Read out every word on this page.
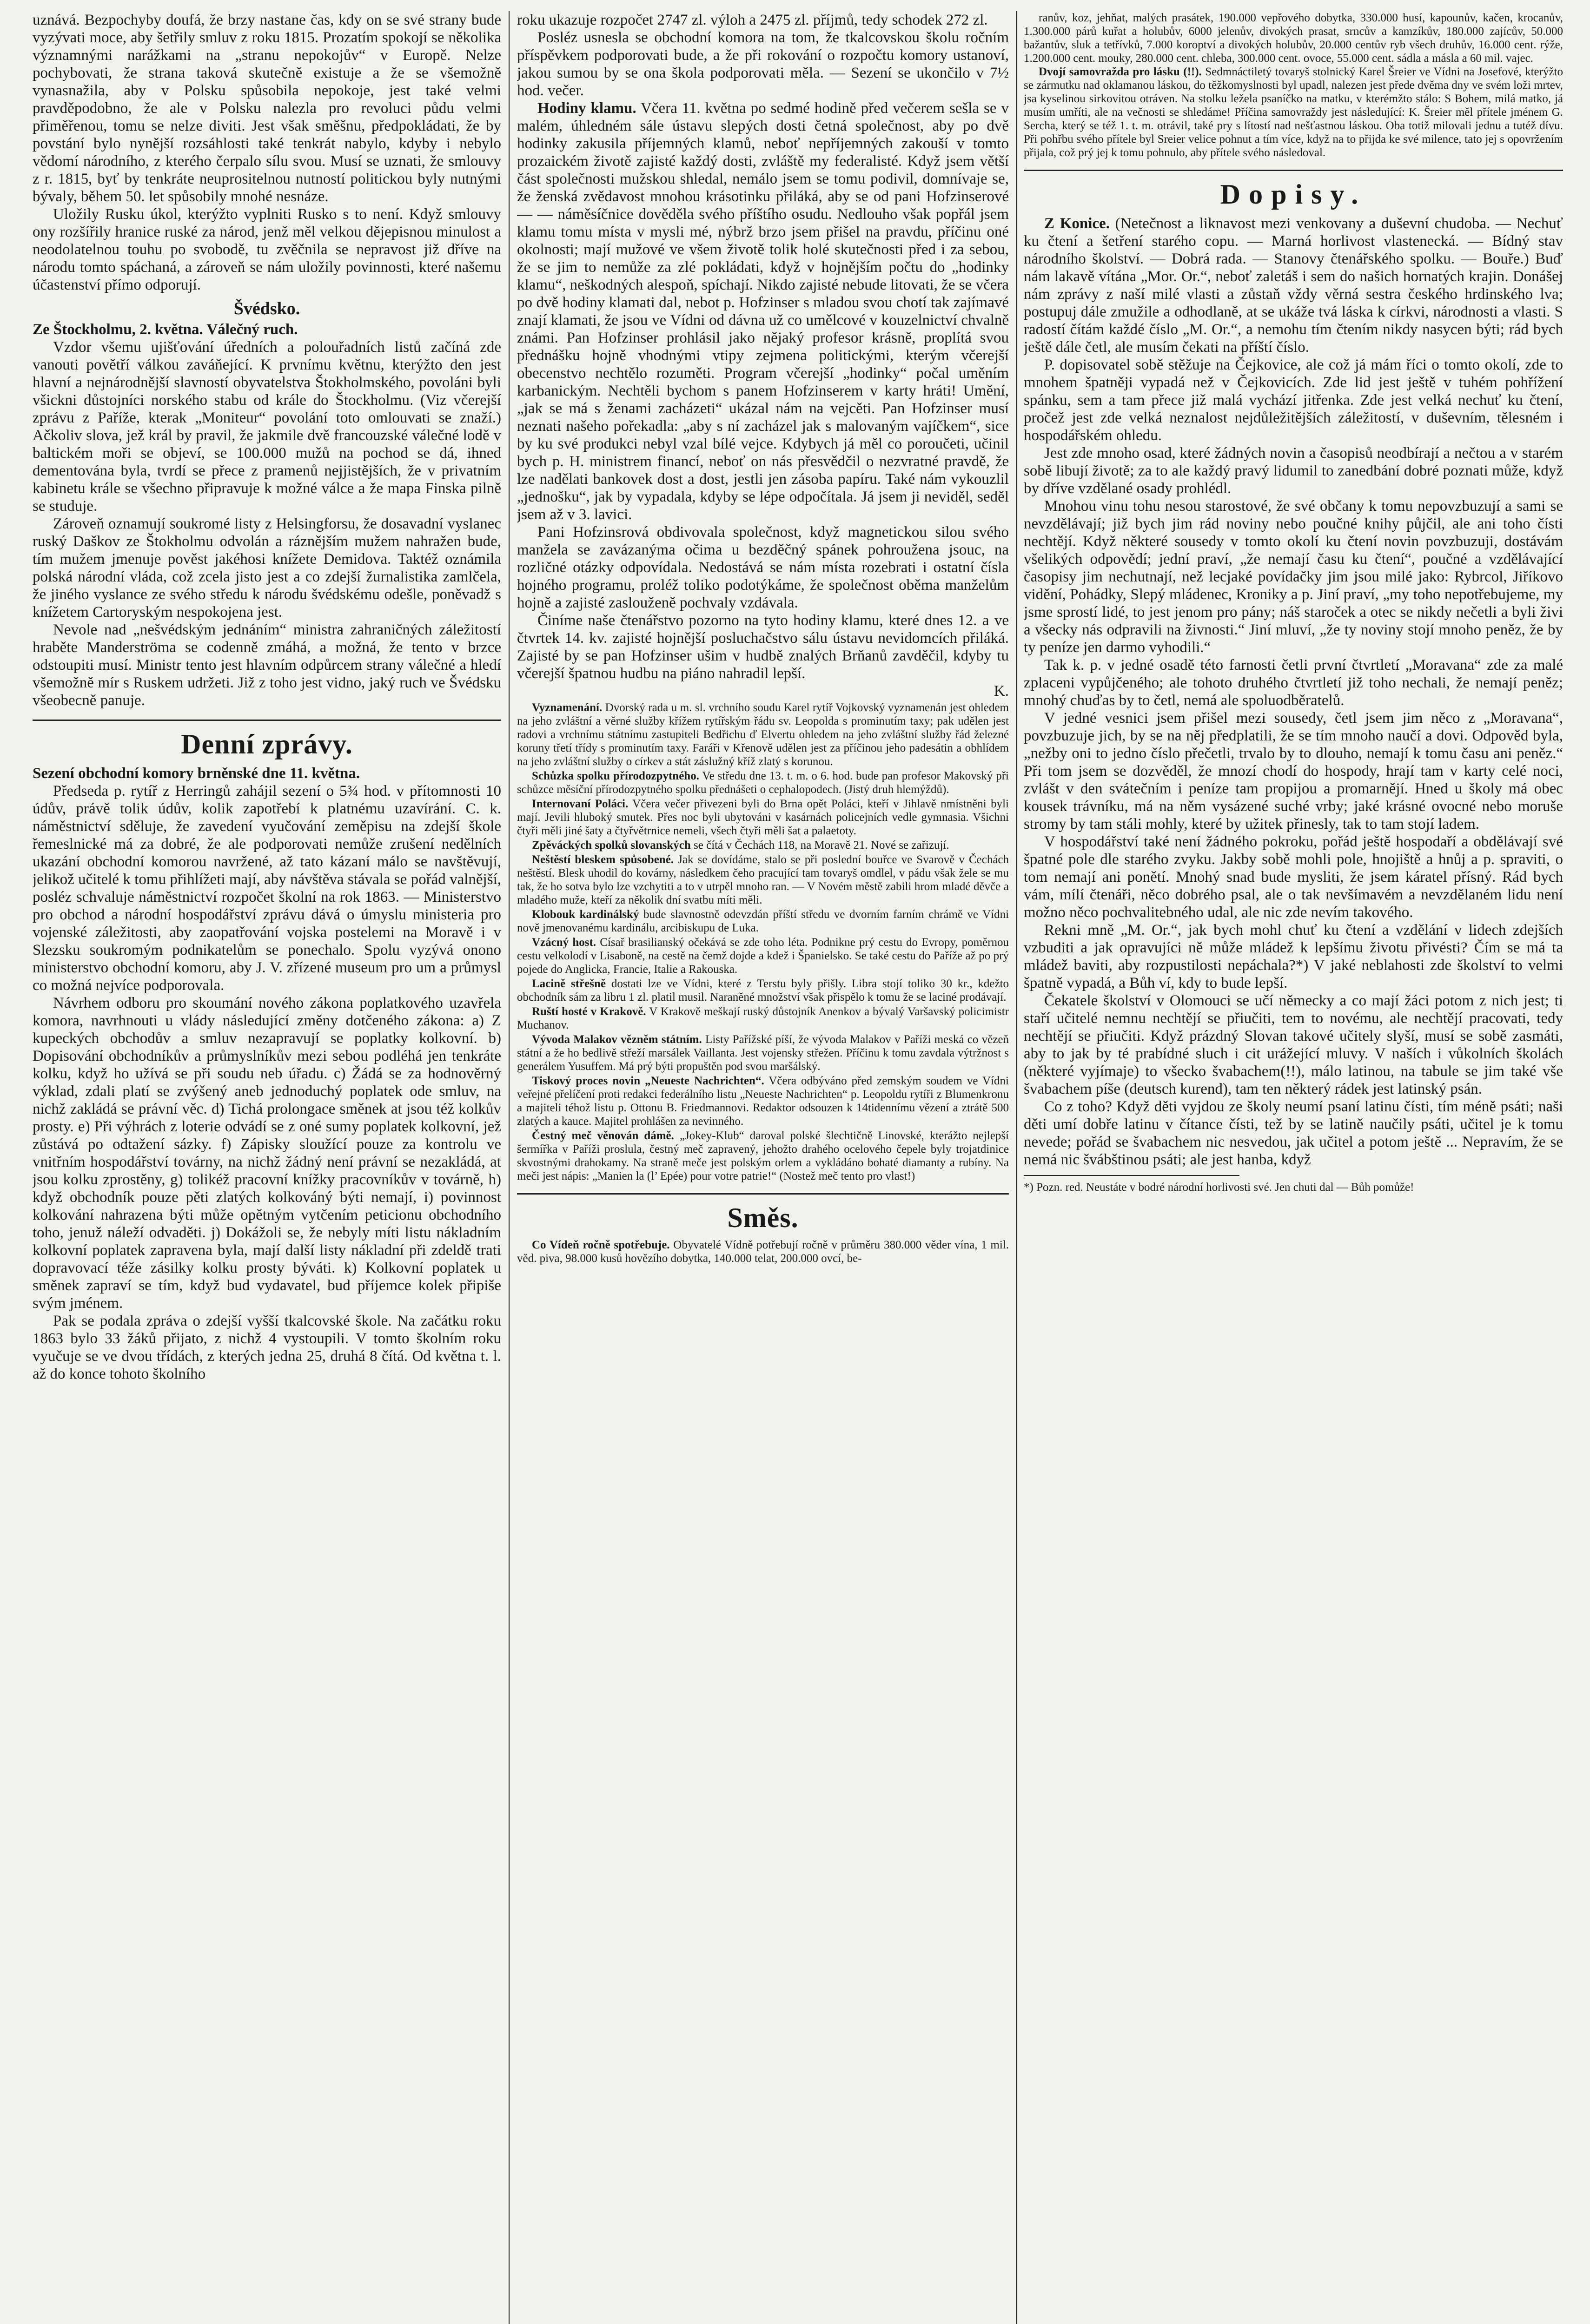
uznává. Bezpochyby doufá, že brzy nastane čas, kdy on se své strany bude vyzývati moce, aby šetřily smluv z roku 1815. Prozatím spokojí se několika významnými narážkami na „stranu nepokojův“ v Europě. Nelze pochybovati, že strana taková skutečně existuje a že se všemožně vynasnažila, aby v Polsku spůsobila nepokoje, jest také velmi pravděpodobno, že ale v Polsku nalezla pro revoluci půdu velmi přiměřenou, tomu se nelze diviti. Jest však směšnu, předpokládati, že by povstání bylo nynější rozsáhlosti také tenkrát nabylo, kdyby i nebylo vědomí národního, z kterého čerpalo sílu svou. Musí se uznati, že smlouvy z r. 1815, byť by tenkráte neuprositelnou nutností politickou byly nutnými bývaly, během 50. let spůsobily mnohé nesnáze.

Uložily Rusku úkol, kterýžto vyplniti Rusko s to není. Když smlouvy ony rozšířily hranice ruské za národ, jenž měl velkou dějepisnou minulost a neodolatelnou touhu po svobodě, tu zvěčnila se nepravost již dříve na národu tomto spáchaná, a zároveň se nám uložily povinnosti, které našemu účastenství přímo odporují.

Švédsko.

Ze Štockholmu, 2. května. Válečný ruch.

Vzdor všemu ujišťování úředních a polouřadních listů začíná zde vanouti povětří válkou zaváňející. K prvnímu květnu, kterýžto den jest hlavní a nejnárodnější slavností obyvatelstva Štokholmského, povoláni byli všickni důstojníci norského stabu od krále do Štockholmu. (Viz včerejší zprávu z Paříže, kterak „Moniteur“ povolání toto omlouvati se znaží.) Ačkoliv slova, jež král by pravil, že jakmile dvě francouzské válečné lodě v baltickém moři se objeví, se 100.000 mužů na pochod se dá, ihned dementována byla, tvrdí se přece z pramenů nejjistějších, že v privatním kabinetu krále se všechno připravuje k možné válce a že mapa Finska pilně se studuje.

Zároveň oznamují soukromé listy z Helsingforsu, že dosavadní vyslanec ruský Daškov ze Štokholmu odvolán a ráznějším mužem nahražen bude, tím mužem jmenuje pověst jakéhosi knížete Demidova. Taktéž oznámila polská národní vláda, což zcela jisto jest a co zdejší žurnalistika zamlčela, že jiného vyslance ze svého středu k národu švédskému odešle, poněvadž s knížetem Cartoryským nespokojena jest.

Nevole nad „nešvédským jednáním“ ministra zahraničných záležitostí hraběte Manderströma se codenně zmáhá, a možná, že tento v brzce odstoupiti musí. Ministr tento jest hlavním odpůrcem strany válečné a hledí všemožně mír s Ruskem udržeti. Již z toho jest vidno, jaký ruch ve Švédsku všeobecně panuje.

Denní zprávy.

Sezení obchodní komory brněnské dne 11. května.

Předseda p. rytíř z Herringů zahájil sezení o 5¾ hod. v přítomnosti 10 údův, právě tolik údův, kolik zapotřebí k platnému uzavírání. C. k. náměstnictví sděluje, že zavedení vyučování zeměpisu na zdejší škole řemeslnické má za dobré, že ale podporovati nemůže zrušení nedělních ukazání obchodní komorou navržené, až tato kázaní málo se navštěvují, jelikož učitelé k tomu přihlížeti mají, aby návštěva stávala se pořád valnější, posléz schvaluje náměstnictví rozpočet školní na rok 1863. — Ministerstvo pro obchod a národní hospodářství zprávu dává o úmyslu ministeria pro vojenské záležitosti, aby zaopatřování vojska postelemi na Moravě i v Slezsku soukromým podnikatelům se ponechalo. Spolu vyzývá onono ministerstvo obchodní komoru, aby J. V. zřízené museum pro um a průmysl co možná nejvíce podporovala.

Návrhem odboru pro skoumání nového zákona poplatkového uzavřela komora, navrhnouti u vlády následující změny dotčeného zákona: a) Z kupeckých obchodův a smluv nezapravují se poplatky kolkovní. b) Dopisování obchodníkův a průmyslníkův mezi sebou podléhá jen tenkráte kolku, když ho užívá se při soudu neb úřadu. c) Žádá se za hodnověrný výklad, zdali platí se zvýšený aneb jednoduchý poplatek ode smluv, na nichž zakládá se právní věc. d) Tichá prolongace směnek at jsou též kolkův prosty. e) Při výhrách z loterie odvádí se z oné sumy poplatek kolkovní, jež zůstává po odtažení sázky. f) Zápisky sloužící pouze za kontrolu ve vnitřním hospodářství továrny, na nichž žádný není právní se nezakládá, at jsou kolku zprostěny, g) tolikéž pracovní knížky pracovníkův v továrně, h) když obchodník pouze pěti zlatých kolkováný býti nemají, i) povinnost kolkování nahrazena býti může opětným vytčením peticionu obchodního toho, jenuž náleží odvaděti. j) Dokážoli se, že nebyly míti listu nákladním kolkovní poplatek zapravena byla, mají další listy nákladní při zdeldě trati dopravovací téže zásilky kolku prosty býváti. k) Kolkovní poplatek u směnek zapraví se tím, když bud vydavatel, bud příjemce kolek připiše svým jménem.

Pak se podala zpráva o zdejší vyšší tkalcovské škole. Na začátku roku 1863 bylo 33 žáků přijato, z nichž 4 vystoupili. V tomto školním roku vyučuje se ve dvou třídách, z kterých jedna 25, druhá 8 čítá. Od května t. l. až do konce tohoto školního

roku ukazuje rozpočet 2747 zl. výloh a 2475 zl. příjmů, tedy schodek 272 zl.

Posléz usnesla se obchodní komora na tom, že tkalcovskou školu ročním příspěvkem podporovati bude, a že při rokování o rozpočtu komory ustanoví, jakou sumou by se ona škola podporovati měla. — Sezení se ukončilo v 7½ hod. večer.

Hodiny klamu. Včera 11. května po sedmé hodině před večerem sešla se v malém, úhledném sále ústavu slepých dosti četná společnost, aby po dvě hodinky zakusila příjemných klamů, neboť nepříjemných zakouší v tomto prozaickém životě zajisté každý dosti, zvláště my federalisté. Když jsem větší část společnosti mužskou shledal, nemálo jsem se tomu podivil, domnívaje se, že ženská zvědavost mnohou krásotinku přiláká, aby se od pani Hofzinserové — — náměsíčnice dověděla svého příštího osudu. Nedlouho však popřál jsem klamu tomu místa v mysli mé, nýbrž brzo jsem přišel na pravdu, příčinu oné okolnosti; mají mužové ve všem životě tolik holé skutečnosti před i za sebou, že se jim to nemůže za zlé pokládati, když v hojnějším počtu do „hodinky klamu“, neškodných alespoň, spíchají. Nikdo zajisté nebude litovati, že se včera po dvě hodiny klamati dal, nebot p. Hofzinser s mladou svou chotí tak zajímavé znají klamati, že jsou ve Vídni od dávna už co umělcové v kouzelnictví chvalně známi. Pan Hofzinser prohlásil jako nějaký profesor krásně, proplítá svou přednášku hojně vhodnými vtipy zejmena politickými, kterým včerejší obecenstvo nechtělo rozuměti. Program včerejší „hodinky“ počal uměním karbanickým. Nechtěli bychom s panem Hofzinserem v karty hráti! Umění, „jak se má s ženami zacházeti“ ukázal nám na vejcěti. Pan Hofzinser musí neznati našeho pořekadla: „aby s ní zacházel jak s malovaným vajíčkem“, sice by ku své produkci nebyl vzal bílé vejce. Kdybych já měl co poroučeti, učinil bych p. H. ministrem financí, neboť on nás přesvědčil o nezvratné pravdě, že lze nadělati bankovek dost a dost, jestli jen zásoba papíru. Také nám vykouzlil „jednošku“, jak by vypadala, kdyby se lépe odpočítala. Já jsem ji neviděl, seděl jsem až v 3. lavici.

Pani Hofzinsrová obdivovala společnost, když magnetickou silou svého manžela se zavázanýma očima u bezděčný spánek pohroužena jsouc, na rozličné otázky odpovídala. Nedostává se nám místa rozebrati i ostatní čísla hojného programu, proléž toliko podotýkáme, že společnost oběma manželům hojně a zajisté zaslouženě pochvaly vzdávala.

Činíme naše čtenářstvo pozorno na tyto hodiny klamu, které dnes 12. a ve čtvrtek 14. kv. zajisté hojnější posluchačstvo sálu ústavu nevidomcích přiláká. Zajisté by se pan Hofzinser ušim v hudbě znalých Brňanů zavděčil, kdyby tu včerejší špatnou hudbu na piáno nahradil lepší.

K.

Vyznamenání. Dvorský rada u m. sl. vrchního soudu Karel rytíř Vojkovský vyznamenán jest ohledem na jeho zvláštní a věrné služby křížem rytířským řádu sv. Leopolda s prominutím taxy; pak udělen jest radovi a vrchnímu státnímu zastupiteli Bedřichu ď Elvertu ohledem na jeho zvláštní služby řád železné koruny třetí třídy s prominutím taxy. Faráři v Křenově udělen jest za příčinou jeho padesátin a obhlídem na jeho zvláštní služby o církev a stát záslužný kříž zlatý s korunou.

Schůzka spolku přírodozpytného. Ve středu dne 13. t. m. o 6. hod. bude pan profesor Makovský při schůzce měsíční přírodozpytného spolku přednášeti o cephalopodech. (Jistý druh hlemýždů).

Internovaní Poláci. Včera večer přivezeni byli do Brna opět Poláci, kteří v Jihlavě nmístněni byli mají. Jevili hluboký smutek. Přes noc byli ubytováni v kasárnách policejních vedle gymnasia. Všichni čtyři měli jiné šaty a čtyřvětrnice nemeli, všech čtyři měli šat a palaetoty.

Zpěváckých spolků slovanských se čítá v Čechách 118, na Moravě 21. Nové se zařizují.

Neštěstí bleskem spůsobené. Jak se dovídáme, stalo se při poslední bouřce ve Svarově v Čechách neštěstí. Blesk uhodil do kovárny, následkem čeho pracující tam tovaryš omdlel, v pádu však žele se mu tak, že ho sotva bylo lze vzchytiti a to v utrpěl mnoho ran. — V Novém městě zabili hrom mladé děvče a mladého muže, kteří za několik dní svatbu míti měli.

Klobouk kardinálský bude slavnostně odevzdán příští středu ve dvorním farním chrámě ve Vídni nově jmenovanému kardinálu, arcibiskupu de Luka.

Vzácný host. Císař brasilianský očekává se zde toho léta. Podnikne prý cestu do Evropy, poměrnou cestu velkolodí v Lisaboně, na cestě na čemž dojde a kdež i Španielsko. Se také cestu do Paříže až po prý pojede do Anglicka, Francie, Italie a Rakouska.

Lacině střešně dostati lze ve Vídni, které z Terstu byly přišly. Libra stojí toliko 30 kr., kdežto obchodník sám za libru 1 zl. platil musil. Naraněné množství však přispělo k tomu že se laciné prodávají.

Ruští hosté v Krakově. V Krakově meškají ruský důstojník Anenkov a bývalý Varšavský policimistr Muchanov.

Vývoda Malakov vězněm státním. Listy Pařížské píší, že vývoda Malakov v Paříži meská co vězeň státní a že ho bedlivě střeží marsálek Vaillanta. Jest vojensky střežen. Příčinu k tomu zavdala výtržnost s generálem Yusuffem. Má prý býti propuštěn pod svou maršálský.

Tiskový proces novin „Neueste Nachrichten“. Včera odbýváno před zemským soudem ve Vídni veřejné přelíčení proti redakci federálního listu „Neueste Nachrichten“ p. Leopoldu rytíři z Blumenkronu a majiteli téhož listu p. Ottonu B. Friedmannovi. Redaktor odsouzen k 14tidennímu vězení a ztrátě 500 zlatých a kauce. Majitel prohlášen za nevinného.

Čestný meč věnován dámě. „Jokey-Klub“ daroval polské šlechtičně Linovské, kterážto nejlepší šermířka v Paříži proslula, čestný meč zapravený, jehožto drahého ocelového čepele byly trojatdinice skvostnými drahokamy. Na straně meče jest polským orlem a vykládáno bohaté diamanty a rubíny. Na meči jest nápis: „Manien la (l’ Epée) pour votre patrie!“ (Nostež meč tento pro vlast!)

Směs.

Co Vídeň ročně spotřebuje. Obyvatelé Vídně potřebují ročně v průměru 380.000 věder vína, 1 mil. věd. piva, 98.000 kusů hovězího dobytka, 140.000 telat, 200.000 ovcí, be-

ranův, koz, jehňat, malých prasátek, 190.000 vepřového dobytka, 330.000 husí, kapounův, kačen, krocanův, 1.300.000 párů kuřat a holubův, 6000 jelenův, divokých prasat, srncův a kamzíkův, 180.000 zajícův, 50.000 bažantův, sluk a tetřívků, 7.000 koroptví a divokých holubův, 20.000 centův ryb všech druhův, 16.000 cent. rýže, 1.200.000 cent. mouky, 280.000 cent. chleba, 300.000 cent. ovoce, 55.000 cent. sádla a másla a 60 mil. vajec.

Dvojí samovražda pro lásku (!!). Sedmnáctiletý tovaryš stolnický Karel Šreier ve Vídni na Josefové, kterýžto se zármutku nad oklamanou láskou, do těžkomyslnosti byl upadl, nalezen jest přede dvěma dny ve svém loži mrtev, jsa kyselinou sirkovitou otráven. Na stolku ležela psaníčko na matku, v kterémžto stálo: S Bohem, milá matko, já musím umříti, ale na večnosti se shledáme! Příčina samovraždy jest následující: K. Šreier měl přítele jménem G. Sercha, který se též 1. t. m. otrávil, také pry s lítostí nad nešťastnou láskou. Oba totiž milovali jednu a tutéž dívu. Při pohřbu svého přítele byl Sreier velice pohnut a tím více, když na to přijda ke své milence, tato jej s opovržením přijala, což prý jej k tomu pohnulo, aby přítele svého následoval.

Dopisy.

Z Konice. (Netečnost a liknavost mezi venkovany a duševní chudoba. — Nechuť ku čtení a šetření starého copu. — Marná horlivost vlastenecká. — Bídný stav národního školství. — Dobrá rada. — Stanovy čtenářského spolku. — Bouře.) Buď nám lakavě vítána „Mor. Or.“, neboť zaletáš i sem do našich hornatých krajin. Donášej nám zprávy z naší milé vlasti a zůstaň vždy věrná sestra českého hrdinského lva; postupuj dále zmužile a odhodlaně, at se ukáže tvá láska k církvi, národnosti a vlasti. S radostí čítám každé číslo „M. Or.“, a nemohu tím čtením nikdy nasycen býti; rád bych ještě dále četl, ale musím čekati na příští číslo.

P. dopisovatel sobě stěžuje na Čejkovice, ale což já mám říci o tomto okolí, zde to mnohem špatněji vypadá než v Čejkovicích. Zde lid jest ještě v tuhém pohřížení spánku, sem a tam přece již malá vychází jitřenka. Zde jest velká nechuť ku čtení, pročež jest zde velká neznalost nejdůležitějších záležitostí, v duševním, tělesném i hospodářském ohledu.

Jest zde mnoho osad, které žádných novin a časopisů neodbírají a nečtou a v starém sobě libují životě; za to ale každý pravý lidumil to zanedbání dobré poznati může, když by dříve vzdělané osady prohlédl.

Mnohou vinu tohu nesou starostové, že své občany k tomu nepovzbuzují a sami se nevzdělávají; již bych jim rád noviny nebo poučné knihy půjčil, ale ani toho čísti nechtějí. Když některé sousedy v tomto okolí ku čtení novin povzbuzuji, dostávám všelikých odpovědí; jední praví, „že nemají času ku čtení“, poučné a vzdělávající časopisy jim nechutnají, než lecjaké povídačky jim jsou milé jako: Rybrcol, Jiříkovo vidění, Pohádky, Slepý mládenec, Kroniky a p. Jiní praví, „my toho nepotřebujeme, my jsme sprostí lidé, to jest jenom pro pány; náš staroček a otec se nikdy nečetli a byli živi a všecky nás odpravili na živnosti.“ Jiní mluví, „že ty noviny stojí mnoho peněz, že by ty peníze jen darmo vyhodili.“

Tak k. p. v jedné osadě této farnosti četli první čtvrtletí „Moravana“ zde za malé zplaceni vypůjčeného; ale tohoto druhého čtvrtletí již toho nechali, že nemají peněz; mnohý chuďas by to četl, nemá ale spoluodběratelů.

V jedné vesnici jsem přišel mezi sousedy, četl jsem jim něco z „Moravana“, povzbuzuje jich, by se na něj předplatili, že se tím mnoho naučí a dovi. Odpověd byla, „nežby oni to jedno číslo přečetli, trvalo by to dlouho, nemají k tomu času ani peněz.“ Při tom jsem se dozvěděl, že mnozí chodí do hospody, hrají tam v karty celé noci, zvlášt v den svátečním i peníze tam propijou a promarnějí. Hned u školy má obec kousek trávníku, má na něm vysázené suché vrby; jaké krásné ovocné nebo moruše stromy by tam stáli mohly, které by užitek přinesly, tak to tam stojí ladem.

V hospodářství také není žádného pokroku, pořád ještě hospodaří a obdělávají své špatné pole dle starého zvyku. Jakby sobě mohli pole, hnojiště a hnůj a p. spraviti, o tom nemají ani ponětí. Mnohý snad bude mysliti, že jsem káratel přísný. Rád bych vám, mílí čtenáři, něco dobrého psal, ale o tak nevšímavém a nevzdělaném lidu není možno něco pochvalitebného udal, ale nic zde nevím takového.

Rekni mně „M. Or.“, jak bych mohl chuť ku čtení a vzdělání v lidech zdejších vzbuditi a jak opravujíci ně může mládež k lepšímu životu přivésti? Čím se má ta mládež baviti, aby rozpustilosti nepáchala?*) V jaké neblahosti zde školství to velmi špatně vypadá, a Bůh ví, kdy to bude lepší.

Čekatele školství v Olomouci se učí německy a co mají žáci potom z nich jest; ti staří učitelé nemnu nechtějí se přiučiti, tem to novému, ale nechtějí pracovati, tedy nechtějí se přiučiti. Když prázdný Slovan takové učitely slyší, musí se sobě zasmáti, aby to jak by té prabídné sluch i cit urážející mluvy. V naších i vůkolních školách (některé vyjímaje) to všecko švabachem(!!), málo latinou, na tabule se jim také vše švabachem píše (deutsch kurend), tam ten některý rádek jest latinský psán.

Co z toho? Když děti vyjdou ze školy neumí psaní latinu čísti, tím méně psáti; naši děti umí dobře latinu v čítance čísti, tež by se latině naučily psáti, učitel je k tomu nevede; pořád se švabachem nic nesvedou, jak učitel a potom ještě ... Nepravím, že se nemá nic švábštinou psáti; ale jest hanba, když

*) Pozn. red. Neustáte v bodré národní horlivosti své. Jen chuti dal — Bůh pomůže!
